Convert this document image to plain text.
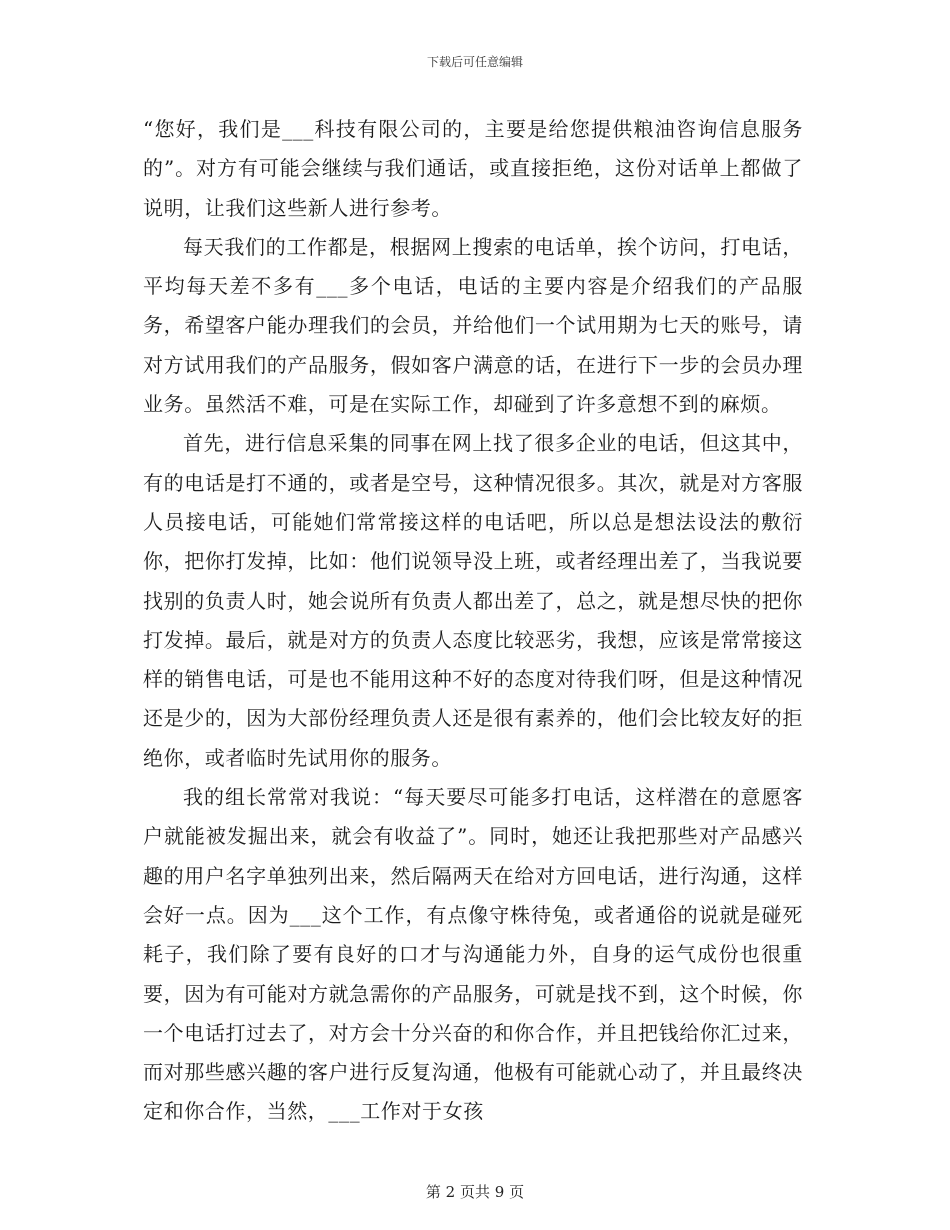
下载后可任意编辑

“您好，我们是___科技有限公司的，主要是给您提供粮油咨询信息服务的”。对方有可能会继续与我们通话，或直接拒绝，这份对话单上都做了说明，让我们这些新人进行参考。

每天我们的工作都是，根据网上搜索的电话单，挨个访问，打电话，平均每天差不多有___多个电话，电话的主要内容是介绍我们的产品服务，希望客户能办理我们的会员，并给他们一个试用期为七天的账号，请对方试用我们的产品服务，假如客户满意的话，在进行下一步的会员办理业务。虽然活不难，可是在实际工作，却碰到了许多意想不到的麻烦。

首先，进行信息采集的同事在网上找了很多企业的电话，但这其中，有的电话是打不通的，或者是空号，这种情况很多。其次，就是对方客服人员接电话，可能她们常常接这样的电话吧，所以总是想法设法的敷衍你，把你打发掉，比如：他们说领导没上班，或者经理出差了，当我说要找别的负责人时，她会说所有负责人都出差了，总之，就是想尽快的把你打发掉。最后，就是对方的负责人态度比较恶劣，我想，应该是常常接这样的销售电话，可是也不能用这种不好的态度对待我们呀，但是这种情况还是少的，因为大部份经理负责人还是很有素养的，他们会比较友好的拒绝你，或者临时先试用你的服务。

我的组长常常对我说：“每天要尽可能多打电话，这样潜在的意愿客户就能被发掘出来，就会有收益了”。同时，她还让我把那些对产品感兴趣的用户名字单独列出来，然后隔两天在给对方回电话，进行沟通，这样会好一点。因为___这个工作，有点像守株待兔，或者通俗的说就是碰死耗子，我们除了要有良好的口才与沟通能力外，自身的运气成份也很重要，因为有可能对方就急需你的产品服务，可就是找不到，这个时候，你一个电话打过去了，对方会十分兴奋的和你合作，并且把钱给你汇过来，而对那些感兴趣的客户进行反复沟通，他极有可能就心动了，并且最终决定和你合作，当然，___工作对于女孩

第 2 页共 9 页
